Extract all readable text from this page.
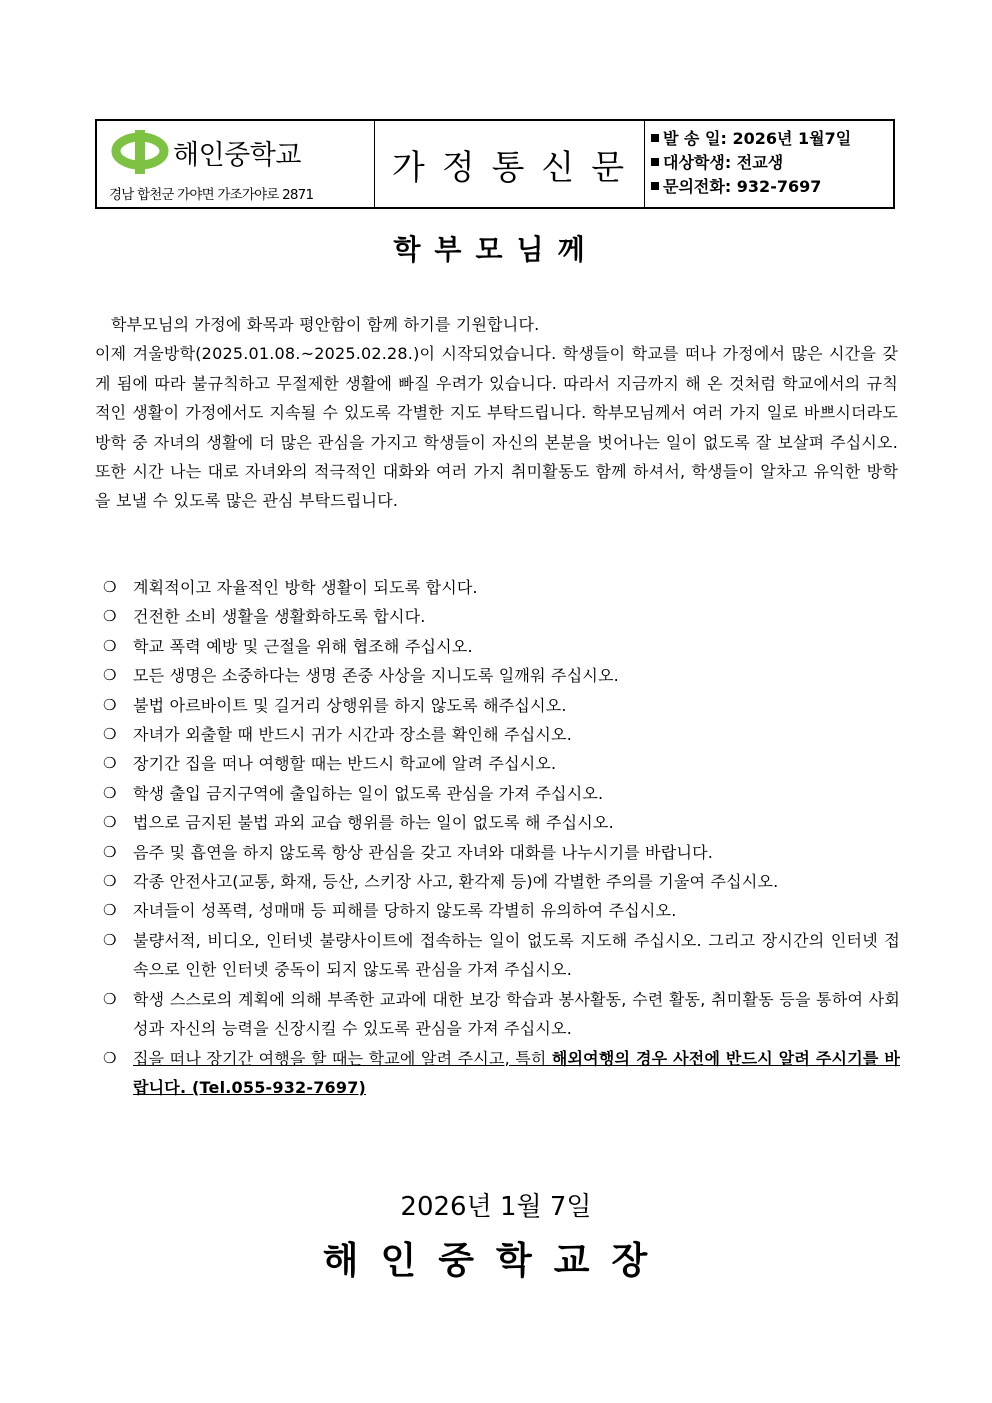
해인중학교
경남 합천군 가야면 가조가야로 2871
가정통신문
발 송 일: 2026년 1월7일
대상학생: 전교생
문의전화: 932-7697
학부모님께

학부모님의 가정에 화목과 평안함이 함께 하기를 기원합니다.

이제 겨울방학(2025.01.08.~2025.02.28.)이 시작되었습니다. 학생들이 학교를 떠나 가정에서 많은 시간을 갖게 됨에 따라 불규칙하고 무절제한 생활에 빠질 우려가 있습니다. 따라서 지금까지 해 온 것처럼 학교에서의 규칙적인 생활이 가정에서도 지속될 수 있도록 각별한 지도 부탁드립니다. 학부모님께서 여러 가지 일로 바쁘시더라도 방학 중 자녀의 생활에 더 많은 관심을 가지고 학생들이 자신의 본분을 벗어나는 일이 없도록 잘 보살펴 주십시오. 또한 시간 나는 대로 자녀와의 적극적인 대화와 여러 가지 취미활동도 함께 하셔서, 학생들이 알차고 유익한 방학을 보낼 수 있도록 많은 관심 부탁드립니다.

❍ 계획적이고 자율적인 방학 생활이 되도록 합시다.
❍ 건전한 소비 생활을 생활화하도록 합시다.
❍ 학교 폭력 예방 및 근절을 위해 협조해 주십시오.
❍ 모든 생명은 소중하다는 생명 존중 사상을 지니도록 일깨워 주십시오.
❍ 불법 아르바이트 및 길거리 상행위를 하지 않도록 해주십시오.
❍ 자녀가 외출할 때 반드시 귀가 시간과 장소를 확인해 주십시오.
❍ 장기간 집을 떠나 여행할 때는 반드시 학교에 알려 주십시오.
❍ 학생 출입 금지구역에 출입하는 일이 없도록 관심을 가져 주십시오.
❍ 법으로 금지된 불법 과외 교습 행위를 하는 일이 없도록 해 주십시오.
❍ 음주 및 흡연을 하지 않도록 항상 관심을 갖고 자녀와 대화를 나누시기를 바랍니다.
❍ 각종 안전사고(교통, 화재, 등산, 스키장 사고, 환각제 등)에 각별한 주의를 기울여 주십시오.
❍ 자녀들이 성폭력, 성매매 등 피해를 당하지 않도록 각별히 유의하여 주십시오.
❍ 불량서적, 비디오, 인터넷 불량사이트에 접속하는 일이 없도록 지도해 주십시오. 그리고 장시간의 인터넷 접속으로 인한 인터넷 중독이 되지 않도록 관심을 가져 주십시오.
❍ 학생 스스로의 계획에 의해 부족한 교과에 대한 보강 학습과 봉사활동, 수련 활동, 취미활동 등을 통하여 사회성과 자신의 능력을 신장시킬 수 있도록 관심을 가져 주십시오.
❍ 집을 떠나 장기간 여행을 할 때는 학교에 알려 주시고, 특히 해외여행의 경우 사전에 반드시 알려 주시기를 바랍니다. (Tel.055-932-7697)
2026년 1월 7일
해인중학교장
